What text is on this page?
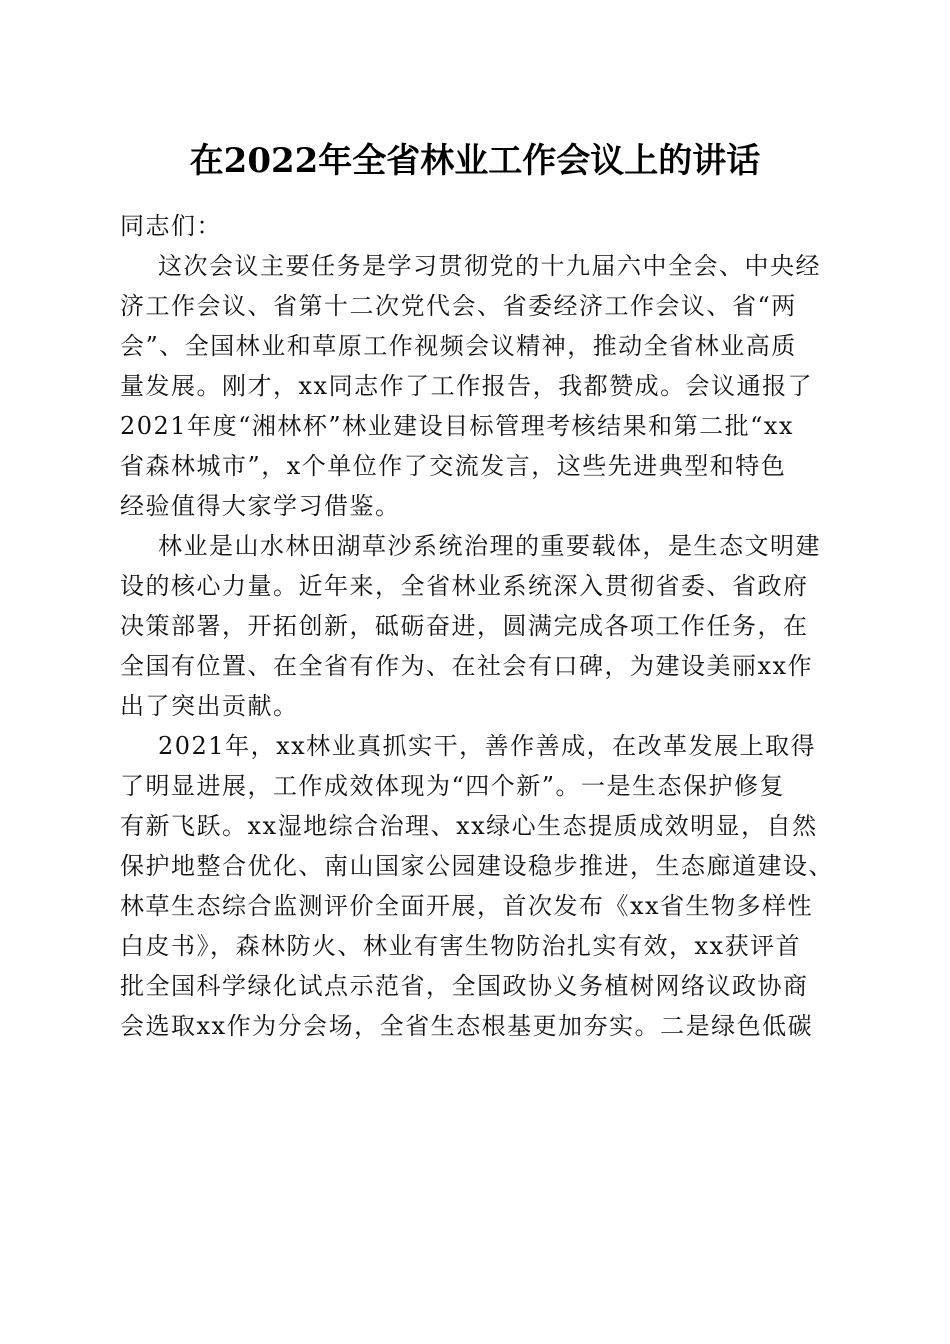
在2022年全省林业工作会议上的讲话
同志们：
这次会议主要任务是学习贯彻党的十九届六中全会、中央经
济工作会议、省第十二次党代会、省委经济工作会议、省“两
会”、全国林业和草原工作视频会议精神，推动全省林业高质
量发展。刚才，xx同志作了工作报告，我都赞成。会议通报了
2021年度“湘林杯”林业建设目标管理考核结果和第二批“xx
省森林城市”，x个单位作了交流发言，这些先进典型和特色
经验值得大家学习借鉴。
林业是山水林田湖草沙系统治理的重要载体，是生态文明建
设的核心力量。近年来，全省林业系统深入贯彻省委、省政府
决策部署，开拓创新，砥砺奋进，圆满完成各项工作任务，在
全国有位置、在全省有作为、在社会有口碑，为建设美丽xx作
出了突出贡献。
2021年，xx林业真抓实干，善作善成，在改革发展上取得
了明显进展，工作成效体现为“四个新”。一是生态保护修复
有新飞跃。xx湿地综合治理、xx绿心生态提质成效明显，自然
保护地整合优化、南山国家公园建设稳步推进，生态廊道建设、
林草生态综合监测评价全面开展，首次发布《xx省生物多样性
白皮书》，森林防火、林业有害生物防治扎实有效，xx获评首
批全国科学绿化试点示范省，全国政协义务植树网络议政协商
会选取xx作为分会场，全省生态根基更加夯实。二是绿色低碳
